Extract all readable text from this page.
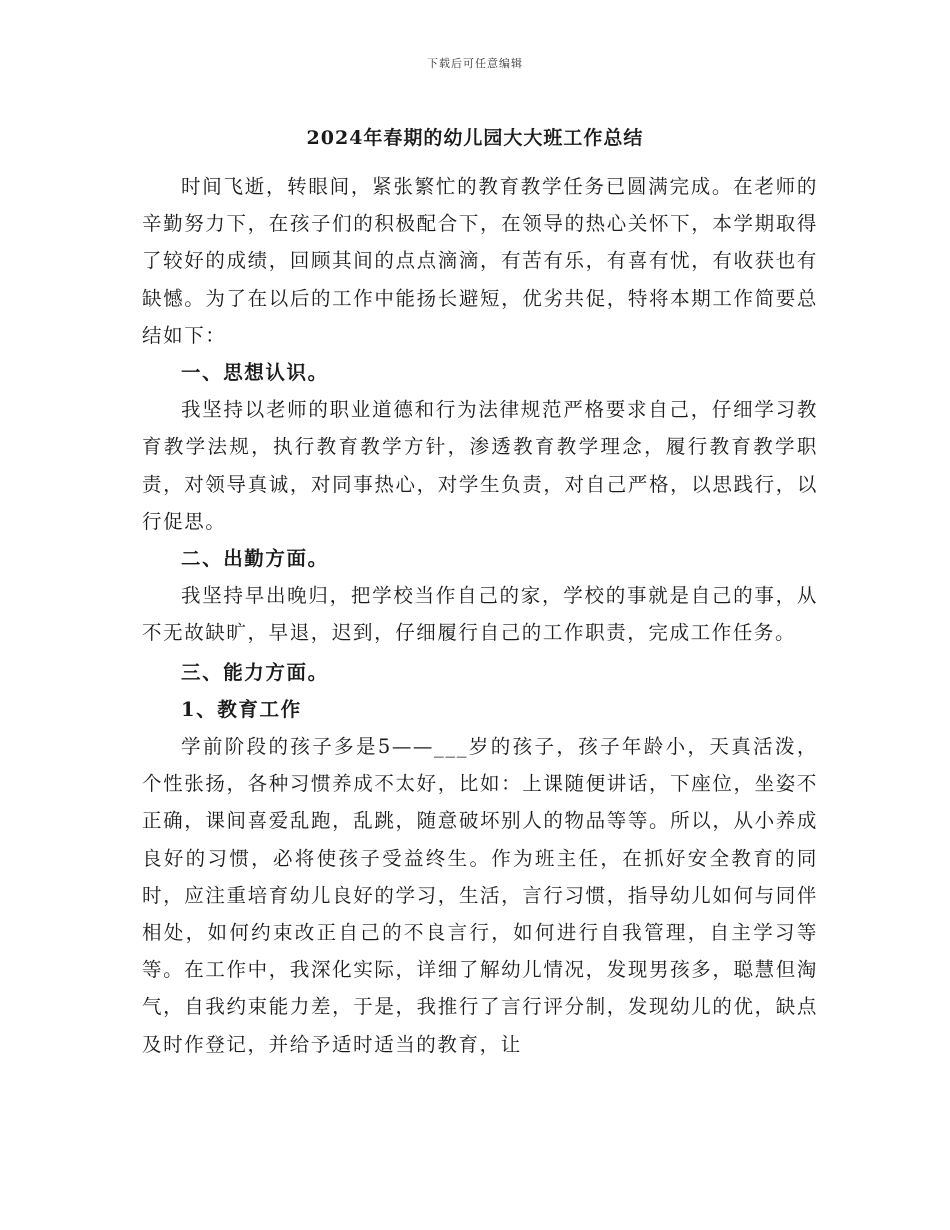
下载后可任意编辑
2024年春期的幼儿园大大班工作总结

时间飞逝，转眼间，紧张繁忙的教育教学任务已圆满完成。在老师的辛勤努力下，在孩子们的积极配合下，在领导的热心关怀下，本学期取得了较好的成绩，回顾其间的点点滴滴，有苦有乐，有喜有忧，有收获也有缺憾。为了在以后的工作中能扬长避短，优劣共促，特将本期工作简要总结如下：

一、思想认识。

我坚持以老师的职业道德和行为法律规范严格要求自己，仔细学习教育教学法规，执行教育教学方针，渗透教育教学理念，履行教育教学职责，对领导真诚，对同事热心，对学生负责，对自己严格，以思践行，以行促思。

二、出勤方面。

我坚持早出晚归，把学校当作自己的家，学校的事就是自己的事，从不无故缺旷，早退，迟到，仔细履行自己的工作职责，完成工作任务。

三、能力方面。

1、教育工作

学前阶段的孩子多是5——___岁的孩子，孩子年龄小，天真活泼，个性张扬，各种习惯养成不太好，比如：上课随便讲话，下座位，坐姿不正确，课间喜爱乱跑，乱跳，随意破坏别人的物品等等。所以，从小养成良好的习惯，必将使孩子受益终生。作为班主任，在抓好安全教育的同时，应注重培育幼儿良好的学习，生活，言行习惯，指导幼儿如何与同伴相处，如何约束改正自己的不良言行，如何进行自我管理，自主学习等等。在工作中，我深化实际，详细了解幼儿情况，发现男孩多，聪慧但淘气，自我约束能力差，于是，我推行了言行评分制，发现幼儿的优，缺点及时作登记，并给予适时适当的教育，让
